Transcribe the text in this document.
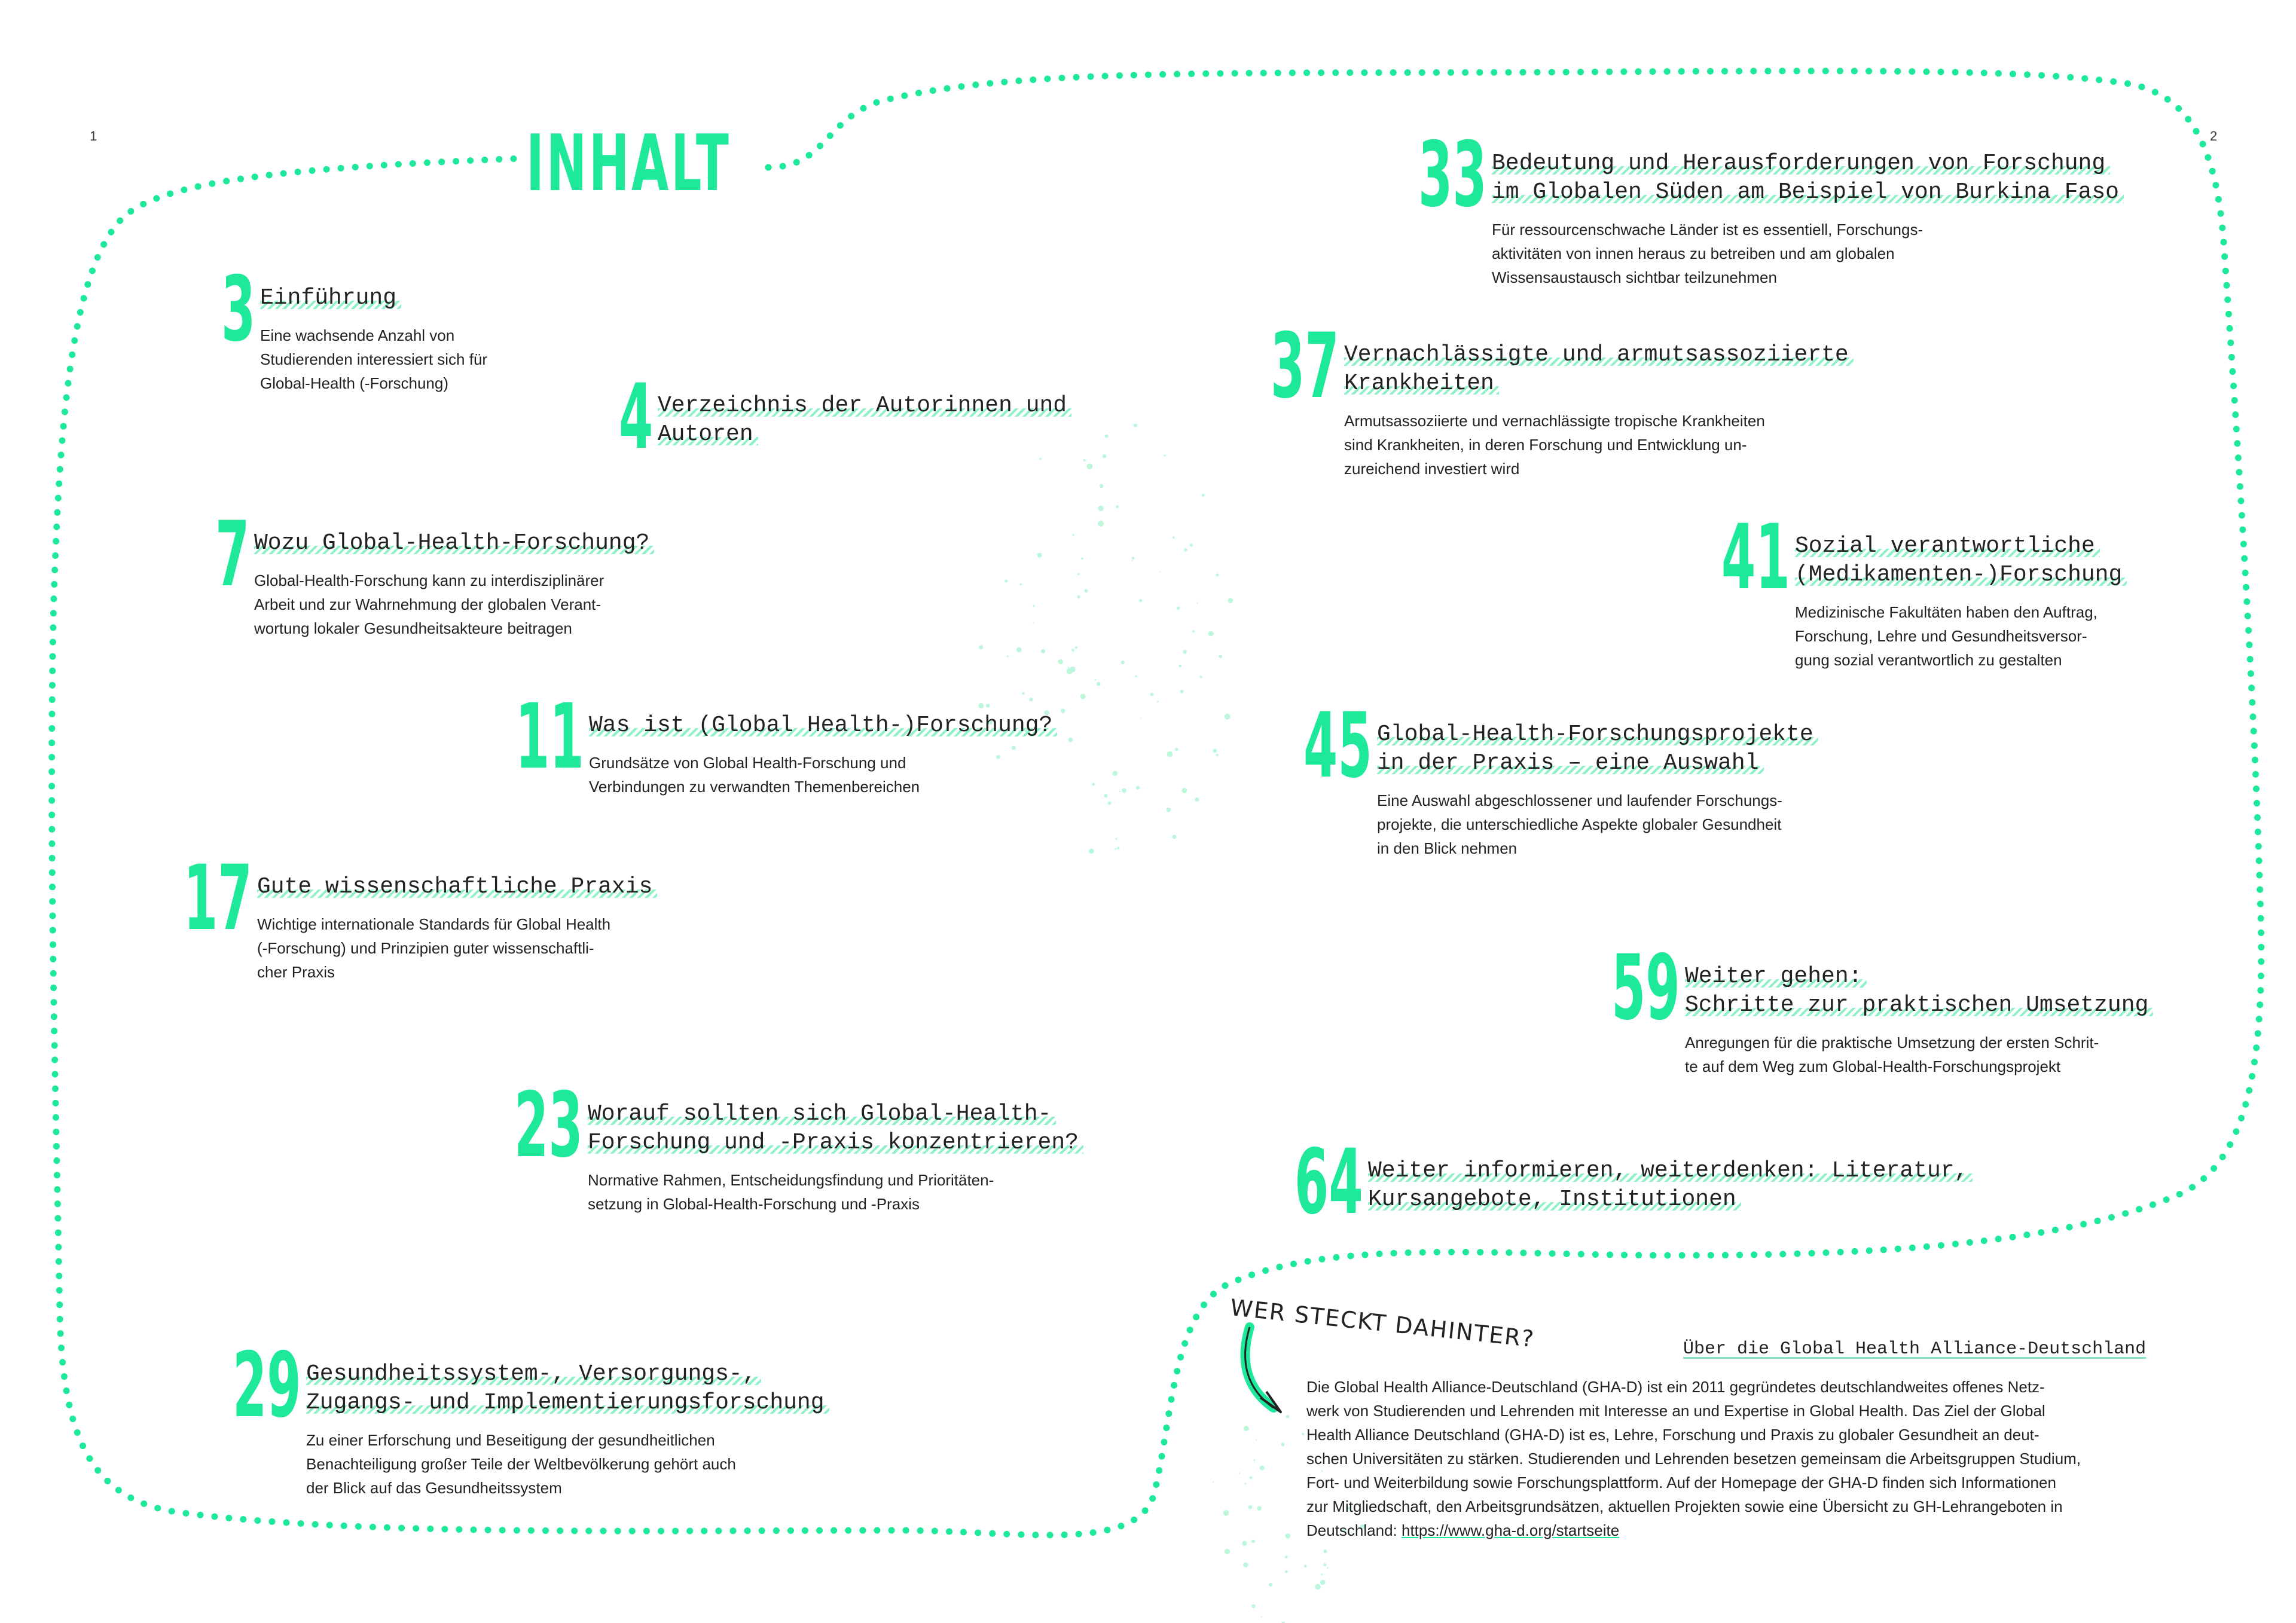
1	2
INHALT
3 Einführung
Eine wachsende Anzahl von
Studierenden interessiert sich für
Global-Health (-Forschung)	4 Verzeichnis der Autorinnen und
Autoren
7 Wozu Global-Health-Forschung?
Global-Health-Forschung kann zu interdisziplinärer
Arbeit und zur Wahrnehmung der globalen Verant-
wortung lokaler Gesundheitsakteure beitragen
11 Was ist (Global Health-)Forschung?
Grundsätze von Global Health-Forschung und
Verbindungen zu verwandten Themenbereichen
17 Gute wissenschaftliche Praxis
Wichtige internationale Standards für Global Health
(-Forschung) und Prinzipien guter wissenschaftli-
cher Praxis
23 Worauf sollten sich Global-Health-
Forschung und -Praxis konzentrieren?
Normative Rahmen, Entscheidungsfindung und Prioritäten-
setzung in Global-Health-Forschung und -Praxis
29 Gesundheitssystem-, Versorgungs-,
Zugangs- und Implementierungsforschung
Zu einer Erforschung und Beseitigung der gesundheitlichen
Benachteiligung großer Teile der Weltbevölkerung gehört auch
der Blick auf das Gesundheitssystem
33 Bedeutung und Herausforderungen von Forschung
im Globalen Süden am Beispiel von Burkina Faso
Für ressourcenschwache Länder ist es essentiell, Forschungs-
aktivitäten von innen heraus zu betreiben und am globalen
Wissensaustausch sichtbar teilzunehmen
37 Vernachlässigte und armutsassoziierte
Krankheiten
Armutsassoziierte und vernachlässigte tropische Krankheiten
sind Krankheiten, in deren Forschung und Entwicklung un-
zureichend investiert wird
41 Sozial verantwortliche
(Medikamenten-)Forschung
Medizinische Fakultäten haben den Auftrag,
Forschung, Lehre und Gesundheitsversor-
gung sozial verantwortlich zu gestalten
45 Global-Health-Forschungsprojekte
in der Praxis – eine Auswahl
Eine Auswahl abgeschlossener und laufender Forschungs-
projekte, die unterschiedliche Aspekte globaler Gesundheit
in den Blick nehmen
59 Weiter gehen:
Schritte zur praktischen Umsetzung
Anregungen für die praktische Umsetzung der ersten Schrit-
te auf dem Weg zum Global-Health-Forschungsprojekt
64 Weiter informieren, weiterdenken: Literatur,
Kursangebote, Institutionen
WER STECKT DAHINTER?	Über die Global Health Alliance-Deutschland
Die Global Health Alliance-Deutschland (GHA-D) ist ein 2011 gegründetes deutschlandweites offenes Netz-
werk von Studierenden und Lehrenden mit Interesse an und Expertise in Global Health. Das Ziel der Global
Health Alliance Deutschland (GHA-D) ist es, Lehre, Forschung und Praxis zu globaler Gesundheit an deut-
schen Universitäten zu stärken. Studierenden und Lehrenden besetzen gemeinsam die Arbeitsgruppen Studium,
Fort- und Weiterbildung sowie Forschungsplattform. Auf der Homepage der GHA-D finden sich Informationen
zur Mitgliedschaft, den Arbeitsgrundsätzen, aktuellen Projekten sowie eine Übersicht zu GH-Lehrangeboten in
Deutschland: https://www.gha-d.org/startseite
